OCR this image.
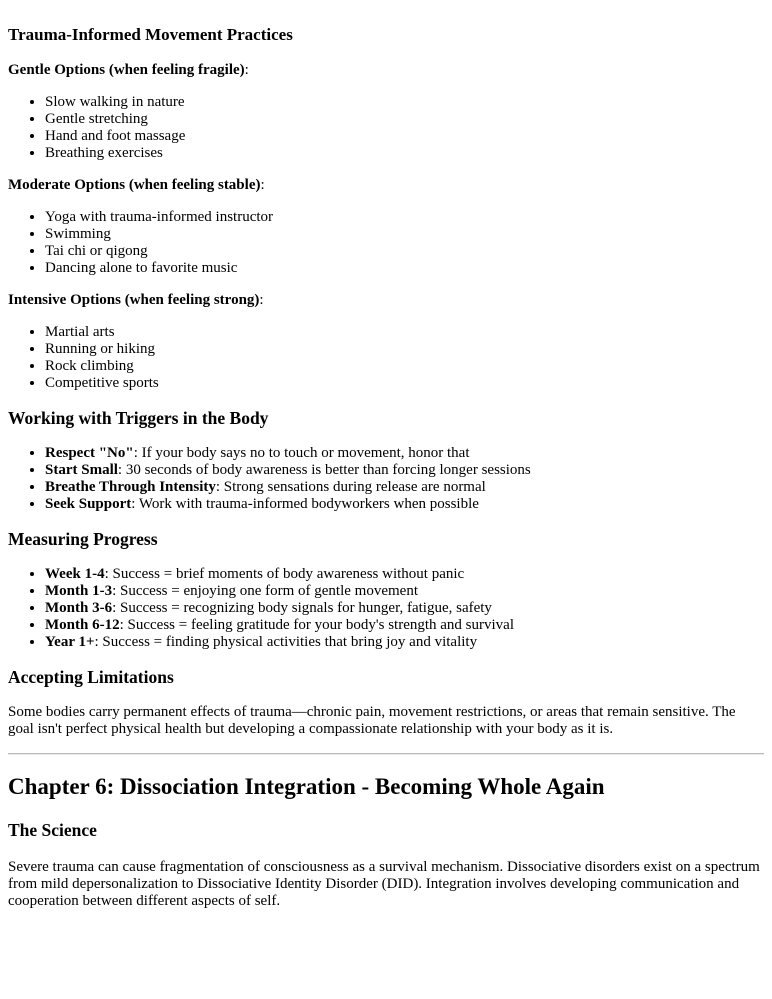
Trauma-Informed Movement Practices

Gentle Options (when feeling fragile):

• Slow walking in nature
• Gentle stretching
• Hand and foot massage
• Breathing exercises

Moderate Options (when feeling stable):

• Yoga with trauma-informed instructor
• Swimming
• Tai chi or qigong
• Dancing alone to favorite music

Intensive Options (when feeling strong):

• Martial arts
• Running or hiking
• Rock climbing
• Competitive sports
Working with Triggers in the Body
• Respect "No": If your body says no to touch or movement, honor that
• Start Small: 30 seconds of body awareness is better than forcing longer sessions
• Breathe Through Intensity: Strong sensations during release are normal
• Seek Support: Work with trauma-informed bodyworkers when possible
Measuring Progress
• Week 1-4: Success = brief moments of body awareness without panic
• Month 1-3: Success = enjoying one form of gentle movement
• Month 3-6: Success = recognizing body signals for hunger, fatigue, safety
• Month 6-12: Success = feeling gratitude for your body's strength and survival
• Year 1+: Success = finding physical activities that bring joy and vitality
Accepting Limitations

Some bodies carry permanent effects of trauma—chronic pain, movement restrictions, or areas that remain sensitive. The goal isn't perfect physical health but developing a compassionate relationship with your body as it is.

Chapter 6: Dissociation Integration - Becoming Whole Again
The Science

Severe trauma can cause fragmentation of consciousness as a survival mechanism. Dissociative disorders exist on a spectrum from mild depersonalization to Dissociative Identity Disorder (DID). Integration involves developing communication and cooperation between different aspects of self.
